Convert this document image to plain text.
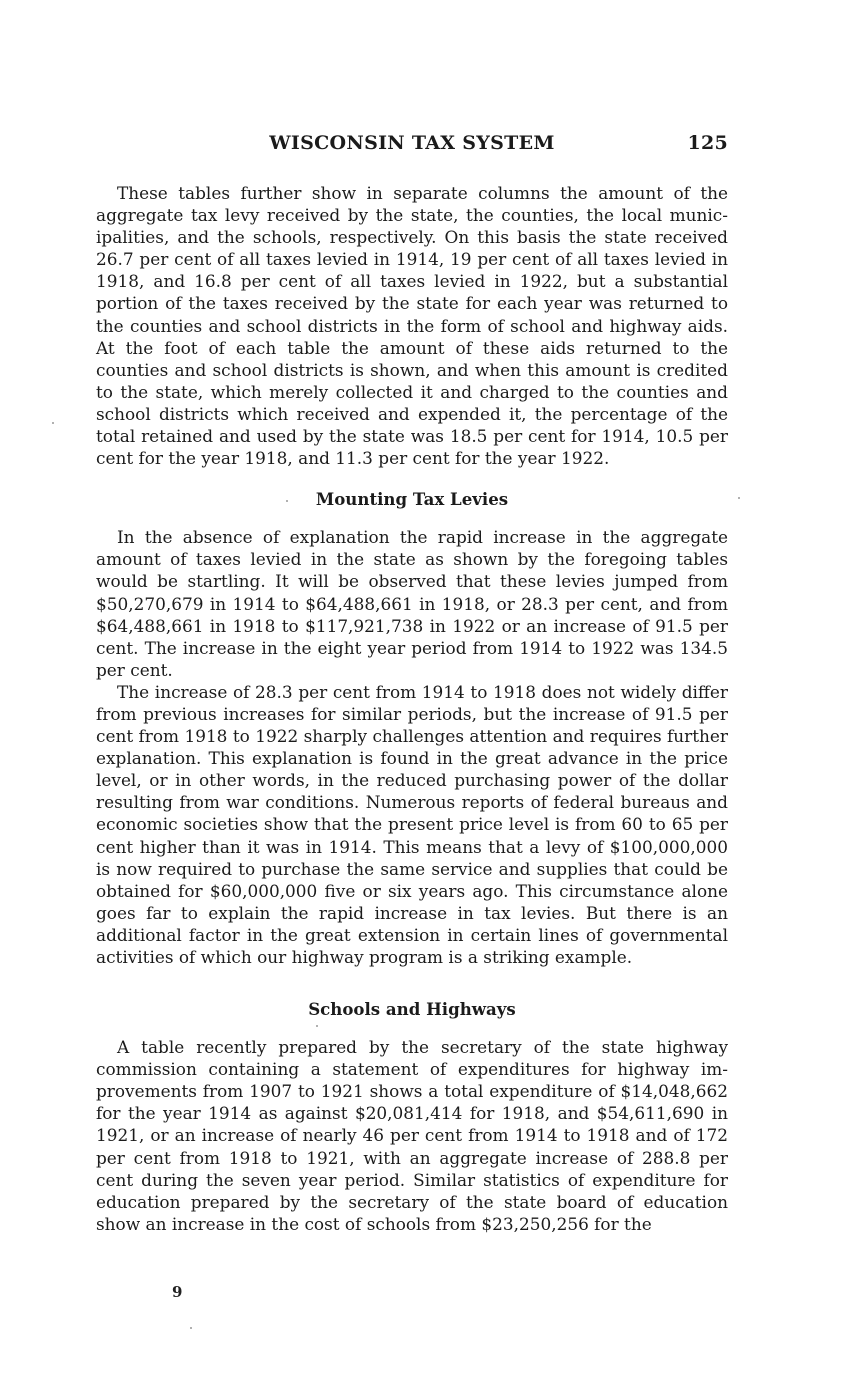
WISCONSIN TAX SYSTEM	125

These tables further show in separate columns the amount of the aggregate tax levy received by the state, the counties, the local municipalities, and the schools, respectively. On this basis the state received 26.7 per cent of all taxes levied in 1914, 19 per cent of all taxes levied in 1918, and 16.8 per cent of all taxes levied in 1922, but a substantial portion of the taxes received by the state for each year was returned to the counties and school districts in the form of school and highway aids. At the foot of each table the amount of these aids returned to the counties and school districts is shown, and when this amount is credited to the state, which merely collected it and charged to the counties and school districts which received and expended it, the percentage of the total retained and used by the state was 18.5 per cent for 1914, 10.5 per cent for the year 1918, and 11.3 per cent for the year 1922.

Mounting Tax Levies

In the absence of explanation the rapid increase in the aggregate amount of taxes levied in the state as shown by the foregoing tables would be startling. It will be observed that these levies jumped from $50,270,679 in 1914 to $64,488,661 in 1918, or 28.3 per cent, and from $64,488,661 in 1918 to $117,921,738 in 1922 or an increase of 91.5 per cent. The increase in the eight year period from 1914 to 1922 was 134.5 per cent.

The increase of 28.3 per cent from 1914 to 1918 does not widely differ from previous increases for similar periods, but the increase of 91.5 per cent from 1918 to 1922 sharply challenges attention and requires further explanation. This explanation is found in the great advance in the price level, or in other words, in the reduced purchasing power of the dollar resulting from war conditions. Numerous reports of federal bureaus and economic societies show that the present price level is from 60 to 65 per cent higher than it was in 1914. This means that a levy of $100,000,000 is now required to purchase the same service and supplies that could be obtained for $60,000,000 five or six years ago. This circumstance alone goes far to explain the rapid increase in tax levies. But there is an additional factor in the great extension in certain lines of governmental activities of which our highway program is a striking example.

Schools and Highways

A table recently prepared by the secretary of the state highway commission containing a statement of expenditures for highway improvements from 1907 to 1921 shows a total expenditure of $14,048,662 for the year 1914 as against $20,081,414 for 1918, and $54,611,690 in 1921, or an increase of nearly 46 per cent from 1914 to 1918 and of 172 per cent from 1918 to 1921, with an aggregate increase of 288.8 per cent during the seven year period. Similar statistics of expenditure for education prepared by the secretary of the state board of education show an increase in the cost of schools from $23,250,256 for the

9
